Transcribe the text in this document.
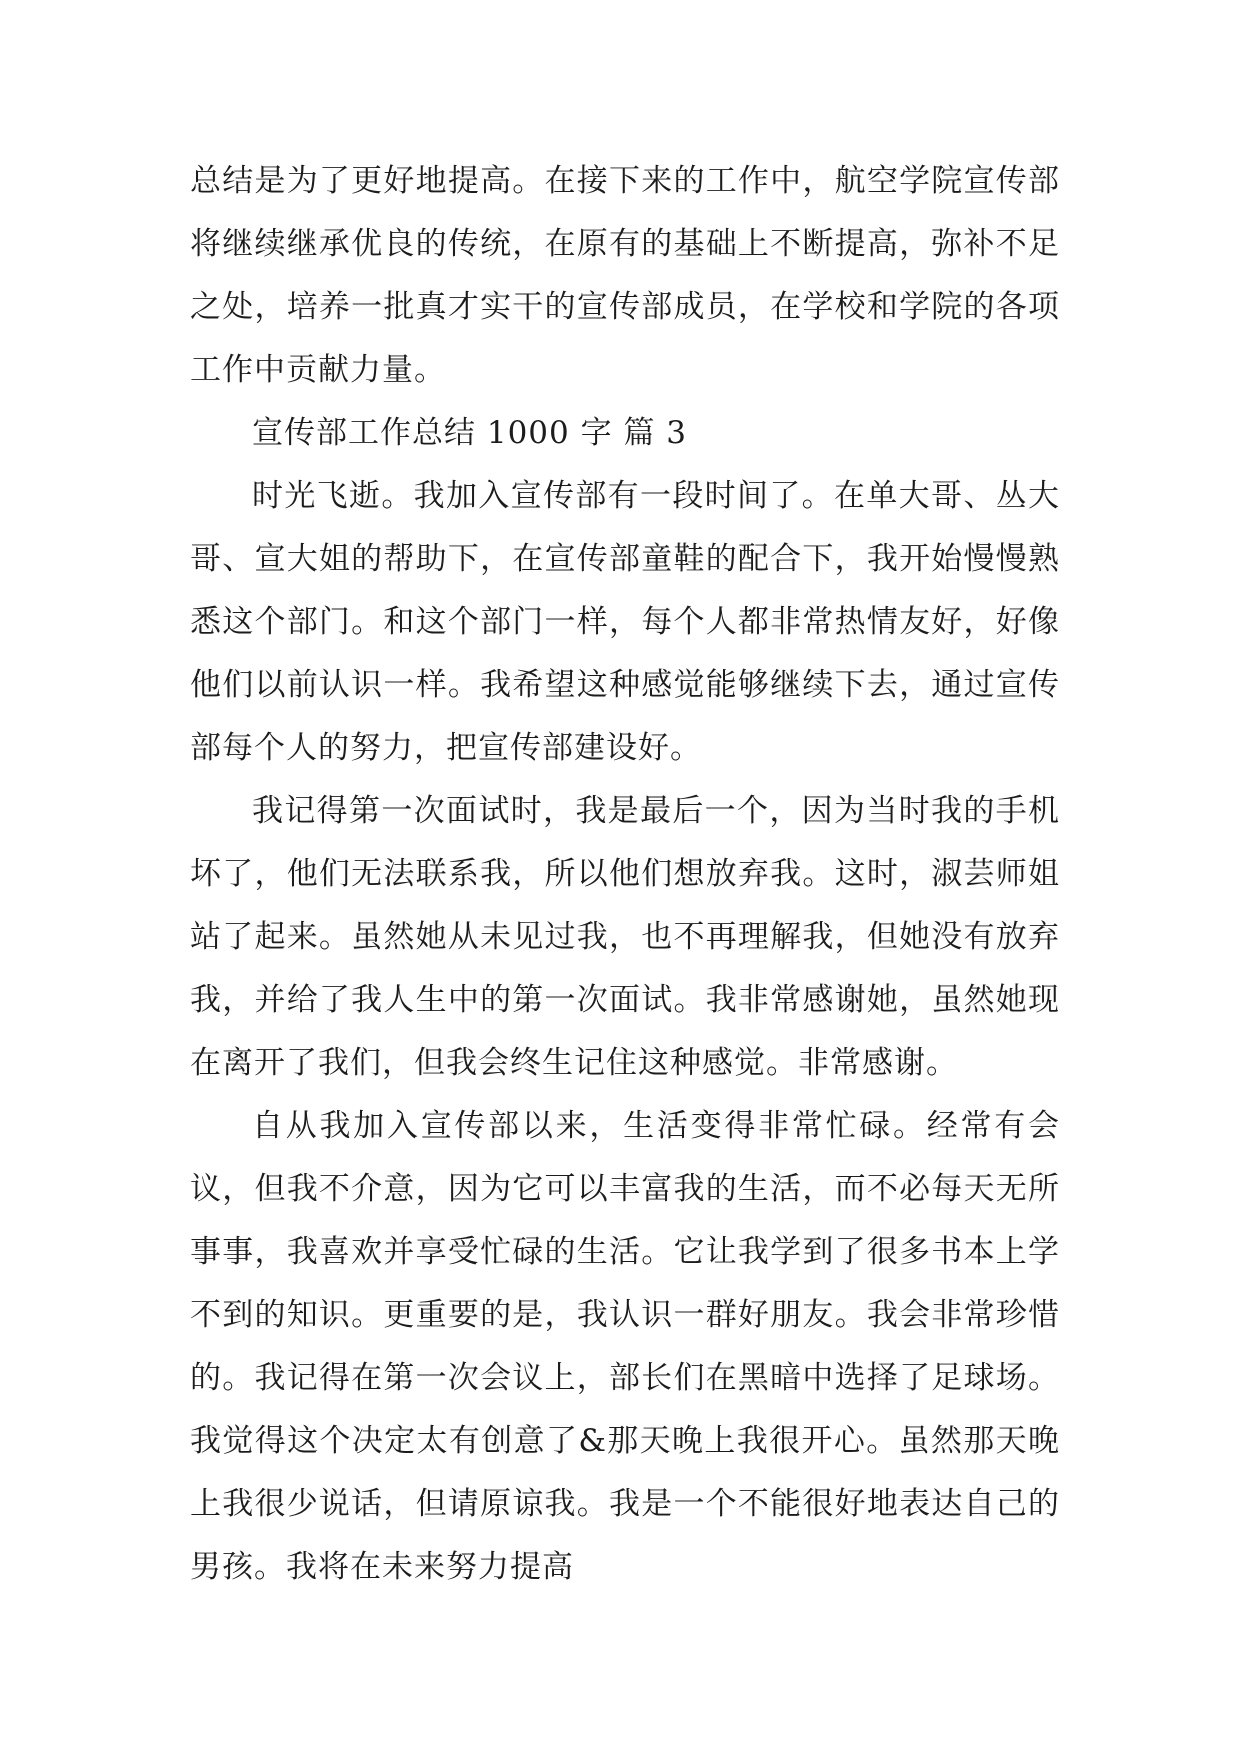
总结是为了更好地提高。在接下来的工作中，航空学院宣传部将继续继承优良的传统，在原有的基础上不断提高，弥补不足之处，培养一批真才实干的宣传部成员，在学校和学院的各项工作中贡献力量。

宣传部工作总结 1000 字 篇 3

时光飞逝。我加入宣传部有一段时间了。在单大哥、丛大哥、宣大姐的帮助下，在宣传部童鞋的配合下，我开始慢慢熟悉这个部门。和这个部门一样，每个人都非常热情友好，好像他们以前认识一样。我希望这种感觉能够继续下去，通过宣传部每个人的努力，把宣传部建设好。

我记得第一次面试时，我是最后一个，因为当时我的手机坏了，他们无法联系我，所以他们想放弃我。这时，淑芸师姐站了起来。虽然她从未见过我，也不再理解我，但她没有放弃我，并给了我人生中的第一次面试。我非常感谢她，虽然她现在离开了我们，但我会终生记住这种感觉。非常感谢。

自从我加入宣传部以来，生活变得非常忙碌。经常有会议，但我不介意，因为它可以丰富我的生活，而不必每天无所事事，我喜欢并享受忙碌的生活。它让我学到了很多书本上学不到的知识。更重要的是，我认识一群好朋友。我会非常珍惜的。我记得在第一次会议上，部长们在黑暗中选择了足球场。我觉得这个决定太有创意了&那天晚上我很开心。虽然那天晚上我很少说话，但请原谅我。我是一个不能很好地表达自己的男孩。我将在未来努力提高
